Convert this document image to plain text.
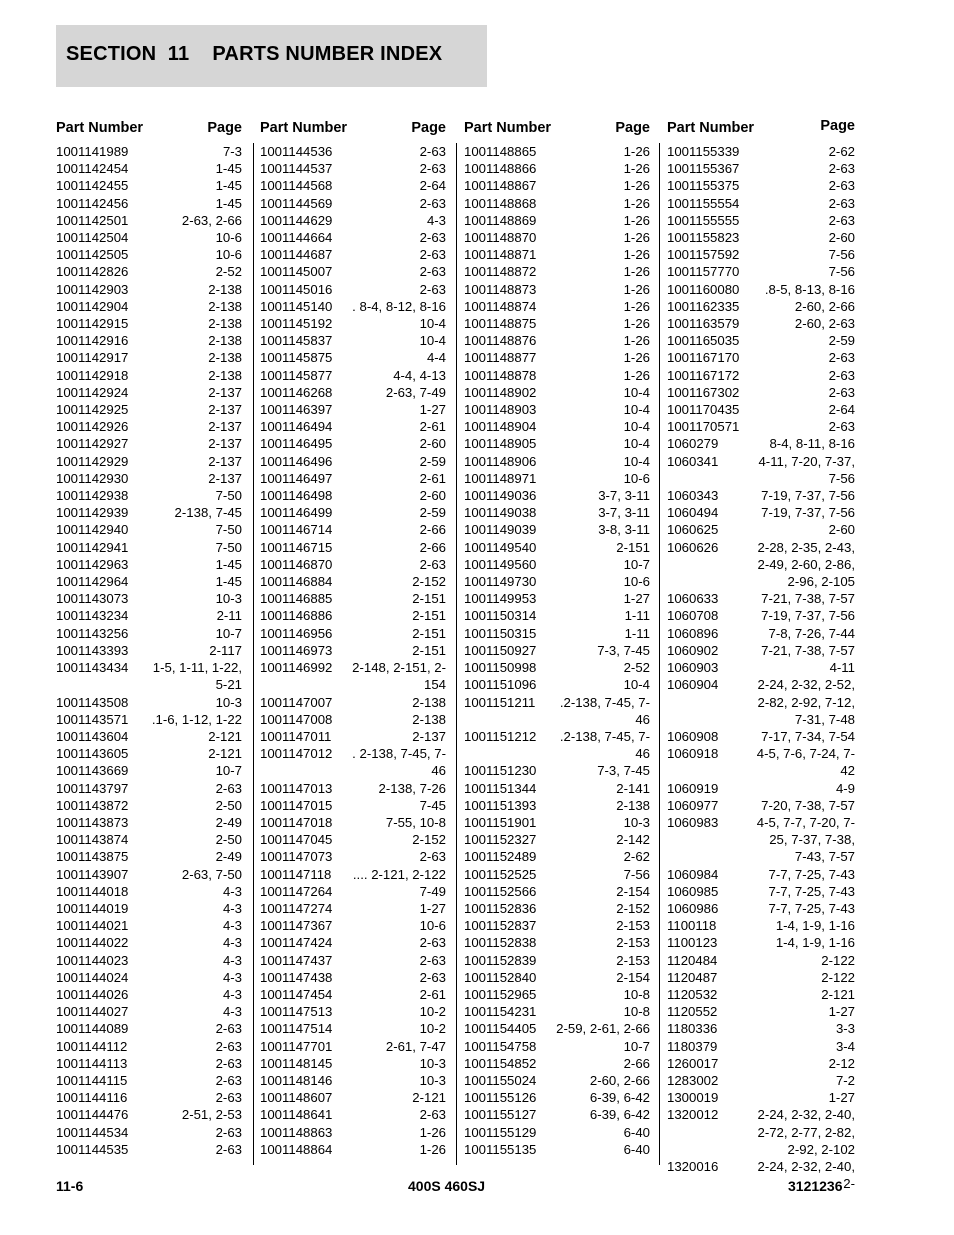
SECTION  11    PARTS NUMBER INDEX
Part Number	Page
1001141989	7-3
1001142454	1-45
1001142455	1-45
1001142456	1-45
1001142501	2-63, 2-66
1001142504	10-6
1001142505	10-6
1001142826	2-52
1001142903	2-138
1001142904	2-138
1001142915	2-138
1001142916	2-138
1001142917	2-138
1001142918	2-138
1001142924	2-137
1001142925	2-137
1001142926	2-137
1001142927	2-137
1001142929	2-137
1001142930	2-137
1001142938	7-50
1001142939	2-138, 7-45
1001142940	7-50
1001142941	7-50
1001142963	1-45
1001142964	1-45
1001143073	10-3
1001143234	2-11
1001143256	10-7
1001143393	2-117
1001143434	1-5, 1-11, 1-22, 5-21
1001143508	10-3
1001143571	.1-6, 1-12, 1-22
1001143604	2-121
1001143605	2-121
1001143669	10-7
1001143797	2-63
1001143872	2-50
1001143873	2-49
1001143874	2-50
1001143875	2-49
1001143907	2-63, 7-50
1001144018	4-3
1001144019	4-3
1001144021	4-3
1001144022	4-3
1001144023	4-3
1001144024	4-3
1001144026	4-3
1001144027	4-3
1001144089	2-63
1001144112	2-63
1001144113	2-63
1001144115	2-63
1001144116	2-63
1001144476	2-51, 2-53
1001144534	2-63
1001144535	2-63
Part Number	Page
1001144536	2-63
1001144537	2-63
1001144568	2-64
1001144569	2-63
1001144629	4-3
1001144664	2-63
1001144687	2-63
1001145007	2-63
1001145016	2-63
1001145140	. 8-4, 8-12, 8-16
1001145192	10-4
1001145837	10-4
1001145875	4-4
1001145877	4-4, 4-13
1001146268	2-63, 7-49
1001146397	1-27
1001146494	2-61
1001146495	2-60
1001146496	2-59
1001146497	2-61
1001146498	2-60
1001146499	2-59
1001146714	2-66
1001146715	2-66
1001146870	2-63
1001146884	2-152
1001146885	2-151
1001146886	2-151
1001146956	2-151
1001146973	2-151
1001146992	2-148, 2-151, 2-154
1001147007	2-138
1001147008	2-138
1001147011	2-137
1001147012	. 2-138, 7-45, 7-46
1001147013	2-138, 7-26
1001147015	7-45
1001147018	7-55, 10-8
1001147045	2-152
1001147073	2-63
1001147118	.... 2-121, 2-122
1001147264	7-49
1001147274	1-27
1001147367	10-6
1001147424	2-63
1001147437	2-63
1001147438	2-63
1001147454	2-61
1001147513	10-2
1001147514	10-2
1001147701	2-61, 7-47
1001148145	10-3
1001148146	10-3
1001148607	2-121
1001148641	2-63
1001148863	1-26
1001148864	1-26
Part Number	Page
1001148865	1-26
1001148866	1-26
1001148867	1-26
1001148868	1-26
1001148869	1-26
1001148870	1-26
1001148871	1-26
1001148872	1-26
1001148873	1-26
1001148874	1-26
1001148875	1-26
1001148876	1-26
1001148877	1-26
1001148878	1-26
1001148902	10-4
1001148903	10-4
1001148904	10-4
1001148905	10-4
1001148906	10-4
1001148971	10-6
1001149036	3-7, 3-11
1001149038	3-7, 3-11
1001149039	3-8, 3-11
1001149540	2-151
1001149560	10-7
1001149730	10-6
1001149953	1-27
1001150314	1-11
1001150315	1-11
1001150927	7-3, 7-45
1001150998	2-52
1001151096	10-4
1001151211	.2-138, 7-45, 7-46
1001151212	.2-138, 7-45, 7-46
1001151230	7-3, 7-45
1001151344	2-141
1001151393	2-138
1001151901	10-3
1001152327	2-142
1001152489	2-62
1001152525	7-56
1001152566	2-154
1001152836	2-152
1001152837	2-153
1001152838	2-153
1001152839	2-153
1001152840	2-154
1001152965	10-8
1001154231	10-8
1001154405	2-59, 2-61, 2-66
1001154758	10-7
1001154852	2-66
1001155024	2-60, 2-66
1001155126	6-39, 6-42
1001155127	6-39, 6-42
1001155129	6-40
1001155135	6-40
Part Number	Page
1001155339	2-62
1001155367	2-63
1001155375	2-63
1001155554	2-63
1001155555	2-63
1001155823	2-60
1001157592	7-56
1001157770	7-56
1001160080	.8-5, 8-13, 8-16
1001162335	2-60, 2-66
1001163579	2-60, 2-63
1001165035	2-59
1001167170	2-63
1001167172	2-63
1001167302	2-63
1001170435	2-64
1001170571	2-63
1060279	8-4, 8-11, 8-16
1060341	4-11, 7-20, 7-37, 7-56
1060343	7-19, 7-37, 7-56
1060494	7-19, 7-37, 7-56
1060625	2-60
1060626	2-28, 2-35, 2-43, 2-49, 2-60, 2-86, 2-96, 2-105
1060633	7-21, 7-38, 7-57
1060708	7-19, 7-37, 7-56
1060896	7-8, 7-26, 7-44
1060902	7-21, 7-38, 7-57
1060903	4-11
1060904	2-24, 2-32, 2-52, 2-82, 2-92, 7-12, 7-31, 7-48
1060908	7-17, 7-34, 7-54
1060918	4-5, 7-6, 7-24, 7-42
1060919	4-9
1060977	7-20, 7-38, 7-57
1060983	4-5, 7-7, 7-20, 7-25, 7-37, 7-38, 7-43, 7-57
1060984	7-7, 7-25, 7-43
1060985	7-7, 7-25, 7-43
1060986	7-7, 7-25, 7-43
1100118	1-4, 1-9, 1-16
1100123	1-4, 1-9, 1-16
1120484	2-122
1120487	2-122
1120532	2-121
1120552	1-27
1180336	3-3
1180379	3-4
1260017	2-12
1283002	7-2
1300019	1-27
1320012	2-24, 2-32, 2-40, 2-72, 2-77, 2-82, 2-92, 2-102
1320016	2-24, 2-32, 2-40, 2-
11-6	400S 460SJ	3121236
